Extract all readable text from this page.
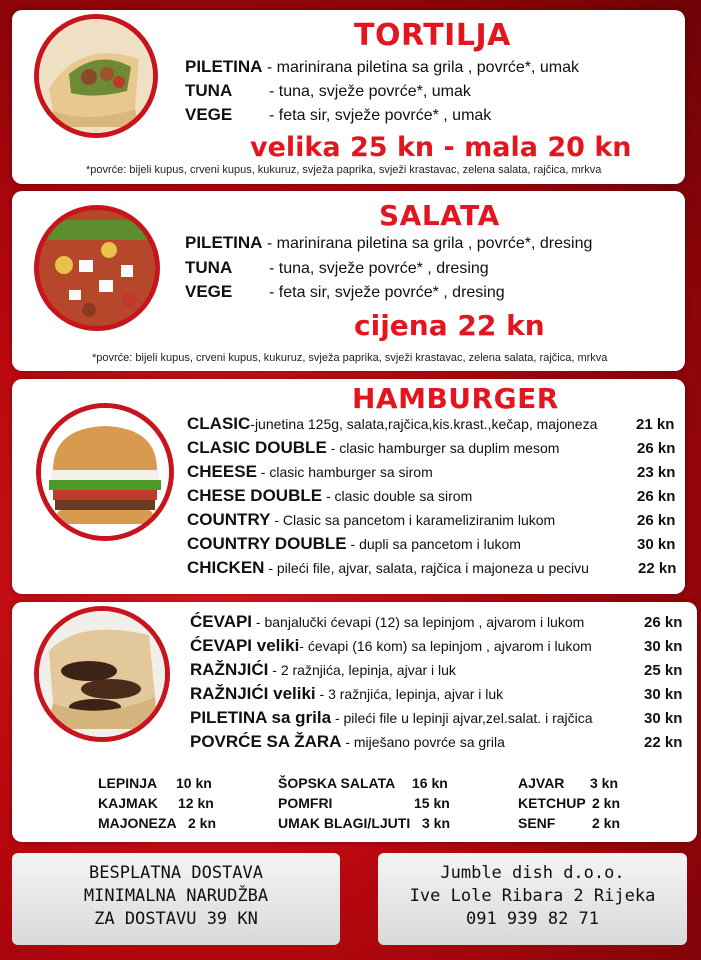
TORTILJA
PILETINA - marinirana piletina sa grila , povrće*, umak
TUNA - tuna, svježe povrće*, umak
VEGE - feta sir, svježe povrće* , umak
velika 25 kn - mala 20 kn
*povrće: bijeli kupus, crveni kupus, kukuruz, svježa paprika, svježi krastavac, zelena salata, rajčica, mrkva
SALATA
PILETINA - marinirana piletina sa grila , povrće*, dresing
TUNA - tuna, svježe povrće* , dresing
VEGE - feta sir, svježe povrće* , dresing
cijena 22 kn
*povrće: bijeli kupus, crveni kupus, kukuruz, svježa paprika, svježi krastavac, zelena salata, rajčica, mrkva
HAMBURGER
CLASIC-junetina 125g, salata,rajčica,kis.krast.,kečap, majoneza	21 kn
CLASIC DOUBLE - clasic hamburger sa duplim mesom	26 kn
CHEESE - clasic hamburger sa sirom	23 kn
CHESE DOUBLE - clasic double sa sirom	26 kn
COUNTRY - Clasic sa pancetom i karameliziranim lukom	26 kn
COUNTRY DOUBLE - dupli sa pancetom i lukom	30 kn
CHICKEN - pileći file, ajvar, salata, rajčica i majoneza u pecivu	22 kn
ĆEVAPI - banjalučki ćevapi (12) sa lepinjom , ajvarom i lukom	26 kn
ĆEVAPI veliki- ćevapi (16 kom) sa lepinjom , ajvarom i lukom	30 kn
RAŽNJIĆI - 2 ražnjića, lepinja, ajvar i luk	25 kn
RAŽNJIĆI veliki - 3 ražnjića, lepinja, ajvar i luk	30 kn
PILETINA sa grila - pileći file u lepinji ajvar,zel.salat. i rajčica	30 kn
POVRĆE SA ŽARA - miješano povrće sa grila	22 kn
LEPINJA 10 kn
KAJMAK 12 kn
MAJONEZA 2 kn
ŠOPSKA SALATA 16 kn
POMFRI	15 kn
UMAK BLAGI/LJUTI 3 kn
AJVAR 3 kn
KETCHUP 2 kn
SENF	2 kn
BESPLATNA DOSTAVA
MINIMALNA NARUDŽBA
ZA DOSTAVU 39 KN
Jumble dish d.o.o.
Ive Lole Ribara 2 Rijeka
091 939 82 71
